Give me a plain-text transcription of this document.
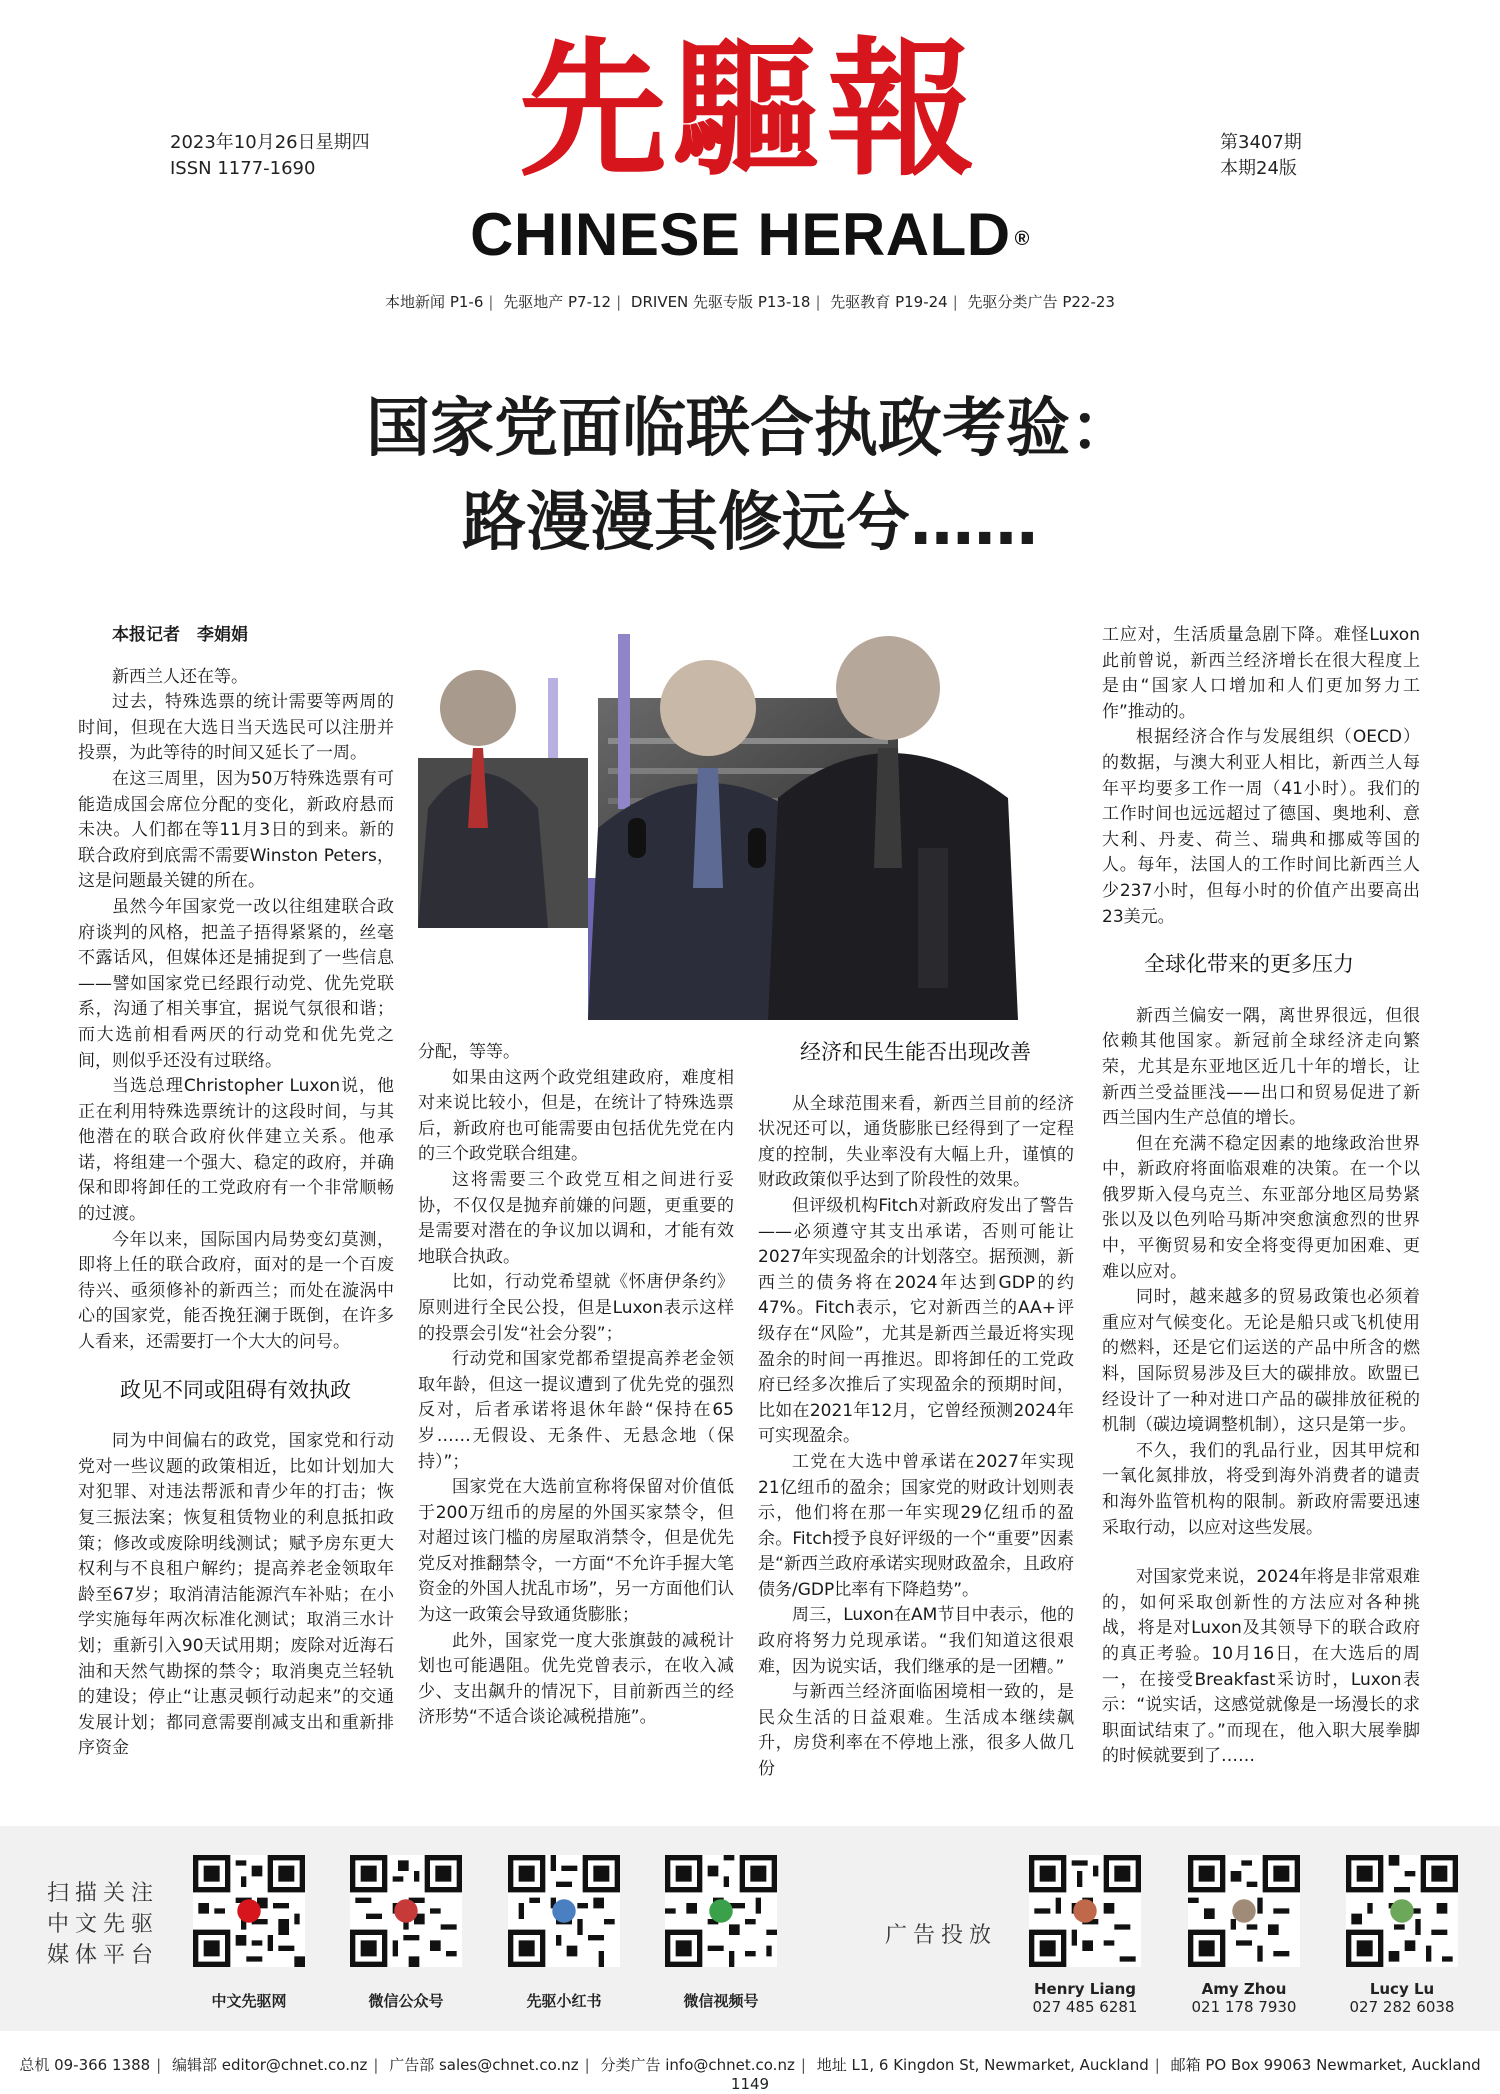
先驅報
CHINESE HERALD ®
2023年10月26日星期四
ISSN 1177-1690
第3407期
本期24版
本地新闻 P1-6 | 先驱地产 P7-12 | DRIVEN 先驱专版 P13-18 | 先驱教育 P19-24 | 先驱分类广告 P22-23
国家党面临联合执政考验：
路漫漫其修远兮……

本报记者　李娟娟

新西兰人还在等。

过去，特殊选票的统计需要等两周的时间，但现在大选日当天选民可以注册并投票，为此等待的时间又延长了一周。

在这三周里，因为50万特殊选票有可能造成国会席位分配的变化，新政府悬而未决。人们都在等11月3日的到来。新的联合政府到底需不需要Winston Peters，这是问题最关键的所在。

虽然今年国家党一改以往组建联合政府谈判的风格，把盖子捂得紧紧的，丝毫不露话风，但媒体还是捕捉到了一些信息——譬如国家党已经跟行动党、优先党联系，沟通了相关事宜，据说气氛很和谐；而大选前相看两厌的行动党和优先党之间，则似乎还没有过联络。

当选总理Christopher Luxon说，他正在利用特殊选票统计的这段时间，与其他潜在的联合政府伙伴建立关系。他承诺，将组建一个强大、稳定的政府，并确保和即将卸任的工党政府有一个非常顺畅的过渡。

今年以来，国际国内局势变幻莫测，即将上任的联合政府，面对的是一个百废待兴、亟须修补的新西兰；而处在漩涡中心的国家党，能否挽狂澜于既倒，在许多人看来，还需要打一个大大的问号。

政见不同或阻碍有效执政

同为中间偏右的政党，国家党和行动党对一些议题的政策相近，比如计划加大对犯罪、对违法帮派和青少年的打击；恢复三振法案；恢复租赁物业的利息抵扣政策；修改或废除明线测试；赋予房东更大权利与不良租户解约；提高养老金领取年龄至67岁；取消清洁能源汽车补贴；在小学实施每年两次标准化测试；取消三水计划；重新引入90天试用期；废除对近海石油和天然气勘探的禁令；取消奥克兰轻轨的建设；停止“让惠灵顿行动起来”的交通发展计划；都同意需要削减支出和重新排序资金

分配，等等。

如果由这两个政党组建政府，难度相对来说比较小，但是，在统计了特殊选票后，新政府也可能需要由包括优先党在内的三个政党联合组建。

这将需要三个政党互相之间进行妥协，不仅仅是抛弃前嫌的问题，更重要的是需要对潜在的争议加以调和，才能有效地联合执政。

比如，行动党希望就《怀唐伊条约》原则进行全民公投，但是Luxon表示这样的投票会引发“社会分裂”；

行动党和国家党都希望提高养老金领取年龄，但这一提议遭到了优先党的强烈反对，后者承诺将退休年龄“保持在65岁……无假设、无条件、无悬念地（保持）”；

国家党在大选前宣称将保留对价值低于200万纽币的房屋的外国买家禁令，但对超过该门槛的房屋取消禁令，但是优先党反对推翻禁令，一方面“不允许手握大笔资金的外国人扰乱市场”，另一方面他们认为这一政策会导致通货膨胀；

此外，国家党一度大张旗鼓的减税计划也可能遇阻。优先党曾表示，在收入减少、支出飙升的情况下，目前新西兰的经济形势“不适合谈论减税措施”。

经济和民生能否出现改善

从全球范围来看，新西兰目前的经济状况还可以，通货膨胀已经得到了一定程度的控制，失业率没有大幅上升，谨慎的财政政策似乎达到了阶段性的效果。

但评级机构Fitch对新政府发出了警告——必须遵守其支出承诺，否则可能让2027年实现盈余的计划落空。据预测，新西兰的债务将在2024年达到GDP的约47%。Fitch表示，它对新西兰的AA+评级存在“风险”，尤其是新西兰最近将实现盈余的时间一再推迟。即将卸任的工党政府已经多次推后了实现盈余的预期时间，比如在2021年12月，它曾经预测2024年可实现盈余。

工党在大选中曾承诺在2027年实现21亿纽币的盈余；国家党的财政计划则表示，他们将在那一年实现29亿纽币的盈余。Fitch授予良好评级的一个“重要”因素是“新西兰政府承诺实现财政盈余，且政府债务/GDP比率有下降趋势”。

周三，Luxon在AM节目中表示，他的政府将努力兑现承诺。“我们知道这很艰难，因为说实话，我们继承的是一团糟。”

与新西兰经济面临困境相一致的，是民众生活的日益艰难。生活成本继续飙升，房贷利率在不停地上涨，很多人做几份

工应对，生活质量急剧下降。难怪Luxon此前曾说，新西兰经济增长在很大程度上是由“国家人口增加和人们更加努力工作”推动的。

根据经济合作与发展组织（OECD）的数据，与澳大利亚人相比，新西兰人每年平均要多工作一周（41小时）。我们的工作时间也远远超过了德国、奥地利、意大利、丹麦、荷兰、瑞典和挪威等国的人。每年，法国人的工作时间比新西兰人少237小时，但每小时的价值产出要高出23美元。

全球化带来的更多压力

新西兰偏安一隅，离世界很远，但很依赖其他国家。新冠前全球经济走向繁荣，尤其是东亚地区近几十年的增长，让新西兰受益匪浅——出口和贸易促进了新西兰国内生产总值的增长。

但在充满不稳定因素的地缘政治世界中，新政府将面临艰难的决策。在一个以俄罗斯入侵乌克兰、东亚部分地区局势紧张以及以色列哈马斯冲突愈演愈烈的世界中，平衡贸易和安全将变得更加困难、更难以应对。

同时，越来越多的贸易政策也必须着重应对气候变化。无论是船只或飞机使用的燃料，还是它们运送的产品中所含的燃料，国际贸易涉及巨大的碳排放。欧盟已经设计了一种对进口产品的碳排放征税的机制（碳边境调整机制），这只是第一步。

不久，我们的乳品行业，因其甲烷和一氧化氮排放，将受到海外消费者的谴责和海外监管机构的限制。新政府需要迅速采取行动，以应对这些发展。

对国家党来说，2024年将是非常艰难的，如何采取创新性的方法应对各种挑战，将是对Luxon及其领导下的联合政府的真正考验。10月16日，在大选后的周一，在接受Breakfast采访时，Luxon表示：“说实话，这感觉就像是一场漫长的求职面试结束了。”而现在，他入职大展拳脚的时候就要到了……

扫描关注中文先驱媒体平台
中文先驱网	微信公众号	先驱小红书	微信视频号
广告投放
Henry Liang
027 485 6281
Amy Zhou
021 178 7930
Lucy Lu
027 282 6038
总机 09-366 1388 | 编辑部 editor@chnet.co.nz | 广告部 sales@chnet.co.nz | 分类广告 info@chnet.co.nz | 地址 L1, 6 Kingdon St, Newmarket, Auckland | 邮箱 PO Box 99063 Newmarket, Auckland 1149
